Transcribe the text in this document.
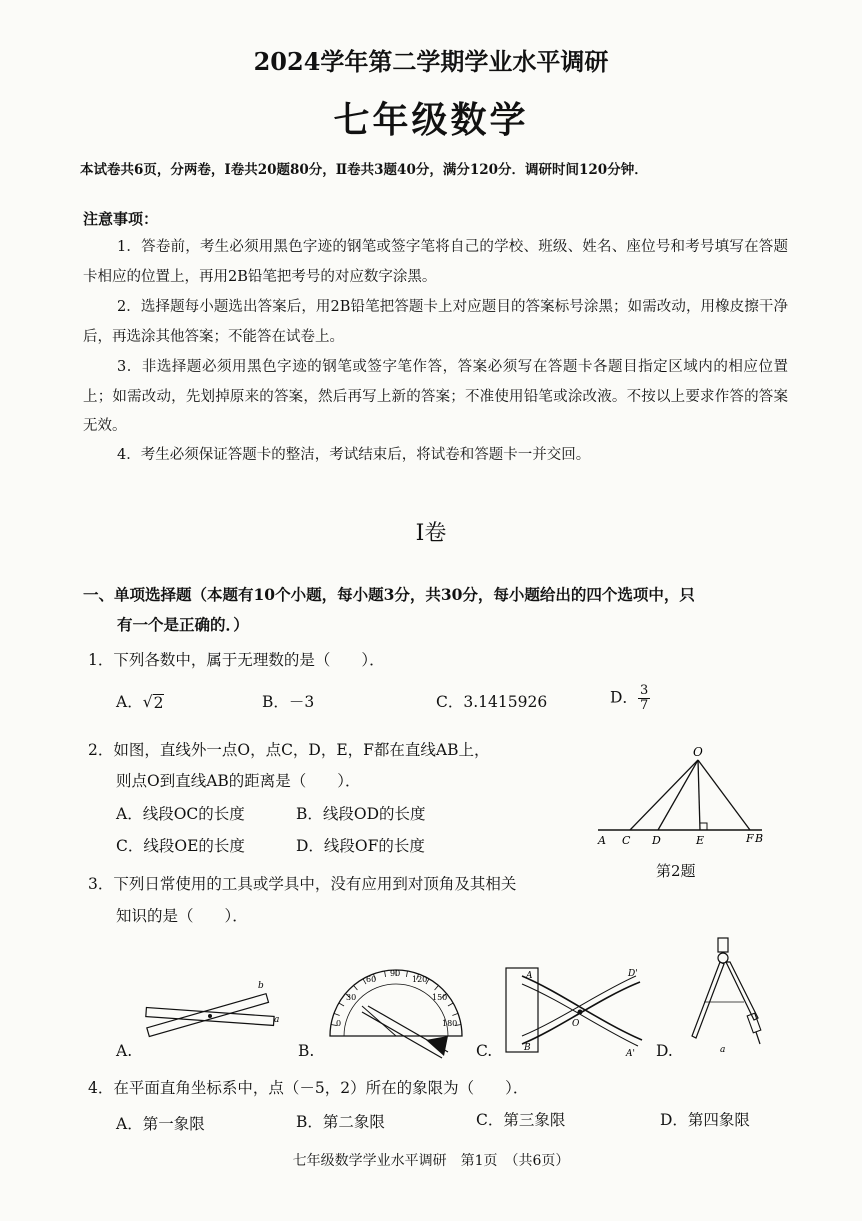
2024学年第二学期学业水平调研
七年级数学
本试卷共6页，分两卷，Ⅰ卷共20题80分，Ⅱ卷共3题40分，满分120分．调研时间120分钟．
注意事项：
1．答卷前，考生必须用黑色字迹的钢笔或签字笔将自己的学校、班级、姓名、座位号和考号填写在答题卡相应的位置上，再用2B铅笔把考号的对应数字涂黑。
2．选择题每小题选出答案后，用2B铅笔把答题卡上对应题目的答案标号涂黑；如需改动，用橡皮擦干净后，再选涂其他答案；不能答在试卷上。
3．非选择题必须用黑色字迹的钢笔或签字笔作答，答案必须写在答题卡各题目指定区域内的相应位置上；如需改动，先划掉原来的答案，然后再写上新的答案；不准使用铅笔或涂改液。不按以上要求作答的答案无效。
4．考生必须保证答题卡的整洁，考试结束后，将试卷和答题卡一并交回。
Ⅰ卷
一、单项选择题（本题有10个小题，每小题3分，共30分，每小题给出的四个选项中，只
有一个是正确的．）
1．下列各数中，属于无理数的是（　　）．
A． √ 2	B．－3	C．3.1415926	D． $\frac{3}{7}$
2．如图，直线外一点O，点C，D，E，F都在直线AB上，
则点O到直线AB的距离是（　　）．
A．线段OC的长度	B．线段OD的长度
C．线段OE的长度	D．线段OF的长度
O
A C D	E	F B
第2题
3．下列日常使用的工具或学具中，没有应用到对顶角及其相关
知识的是（　　）．
b
a
A.
0
30
60
90
120
150
180
B.
A
B
O
D'
A'
C.	a
D.
4．在平面直角坐标系中，点（－5，2）所在的象限为（　　）．
A．第一象限	B．第二象限	C．第三象限	D．第四象限
七年级数学学业水平调研　第1页　（共6页）
